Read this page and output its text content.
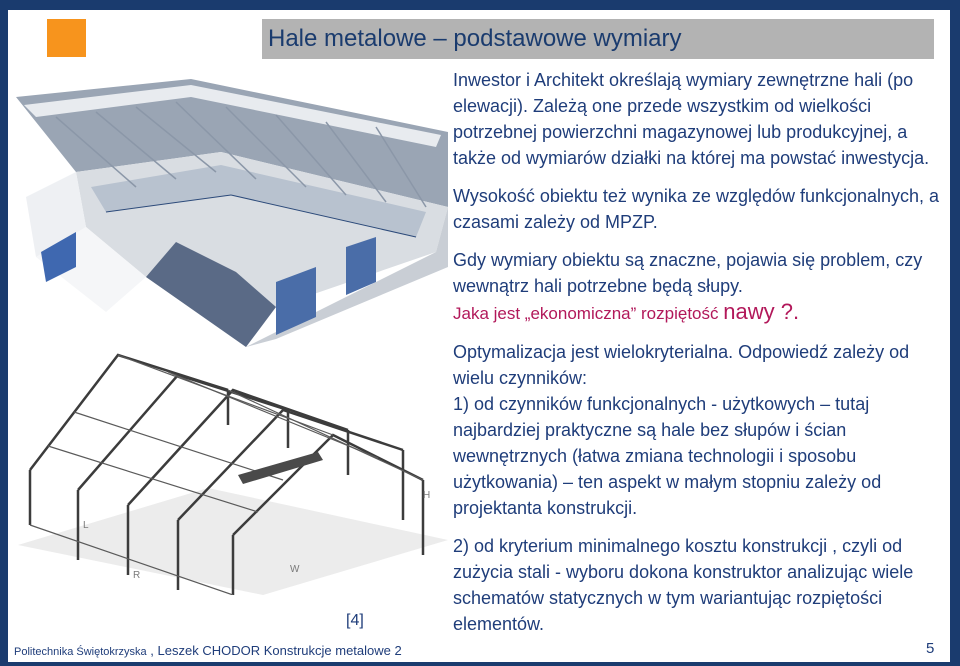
Hale metalowe – podstawowe wymiary
H
L
R
W

Inwestor i Architekt określają wymiary zewnętrzne hali (po elewacji). Zależą one przede wszystkim od wielkości potrzebnej powierzchni magazynowej lub produkcyjnej, a także od wymiarów działki na której ma powstać inwestycja.

Wysokość obiektu też wynika ze względów funkcjonalnych, a czasami zależy od MPZP.

Gdy wymiary obiektu są znaczne, pojawia się problem, czy wewnątrz hali potrzebne będą słupy.

Jaka jest „ekonomiczna” rozpiętość nawy ?.

Optymalizacja jest wielokryterialna. Odpowiedź zależy od wielu czynników:

1) od czynników funkcjonalnych - użytkowych – tutaj najbardziej praktyczne są hale bez słupów i ścian wewnętrznych (łatwa zmiana technologii i sposobu użytkowania) – ten aspekt w małym stopniu zależy od projektanta konstrukcji.

2) od kryterium minimalnego kosztu konstrukcji , czyli od zużycia stali - wyboru dokona konstruktor analizując wiele schematów statycznych w tym wariantując rozpiętości elementów.

[4]
Politechnika Świętokrzyska , Leszek CHODOR Konstrukcje metalowe 2	5
